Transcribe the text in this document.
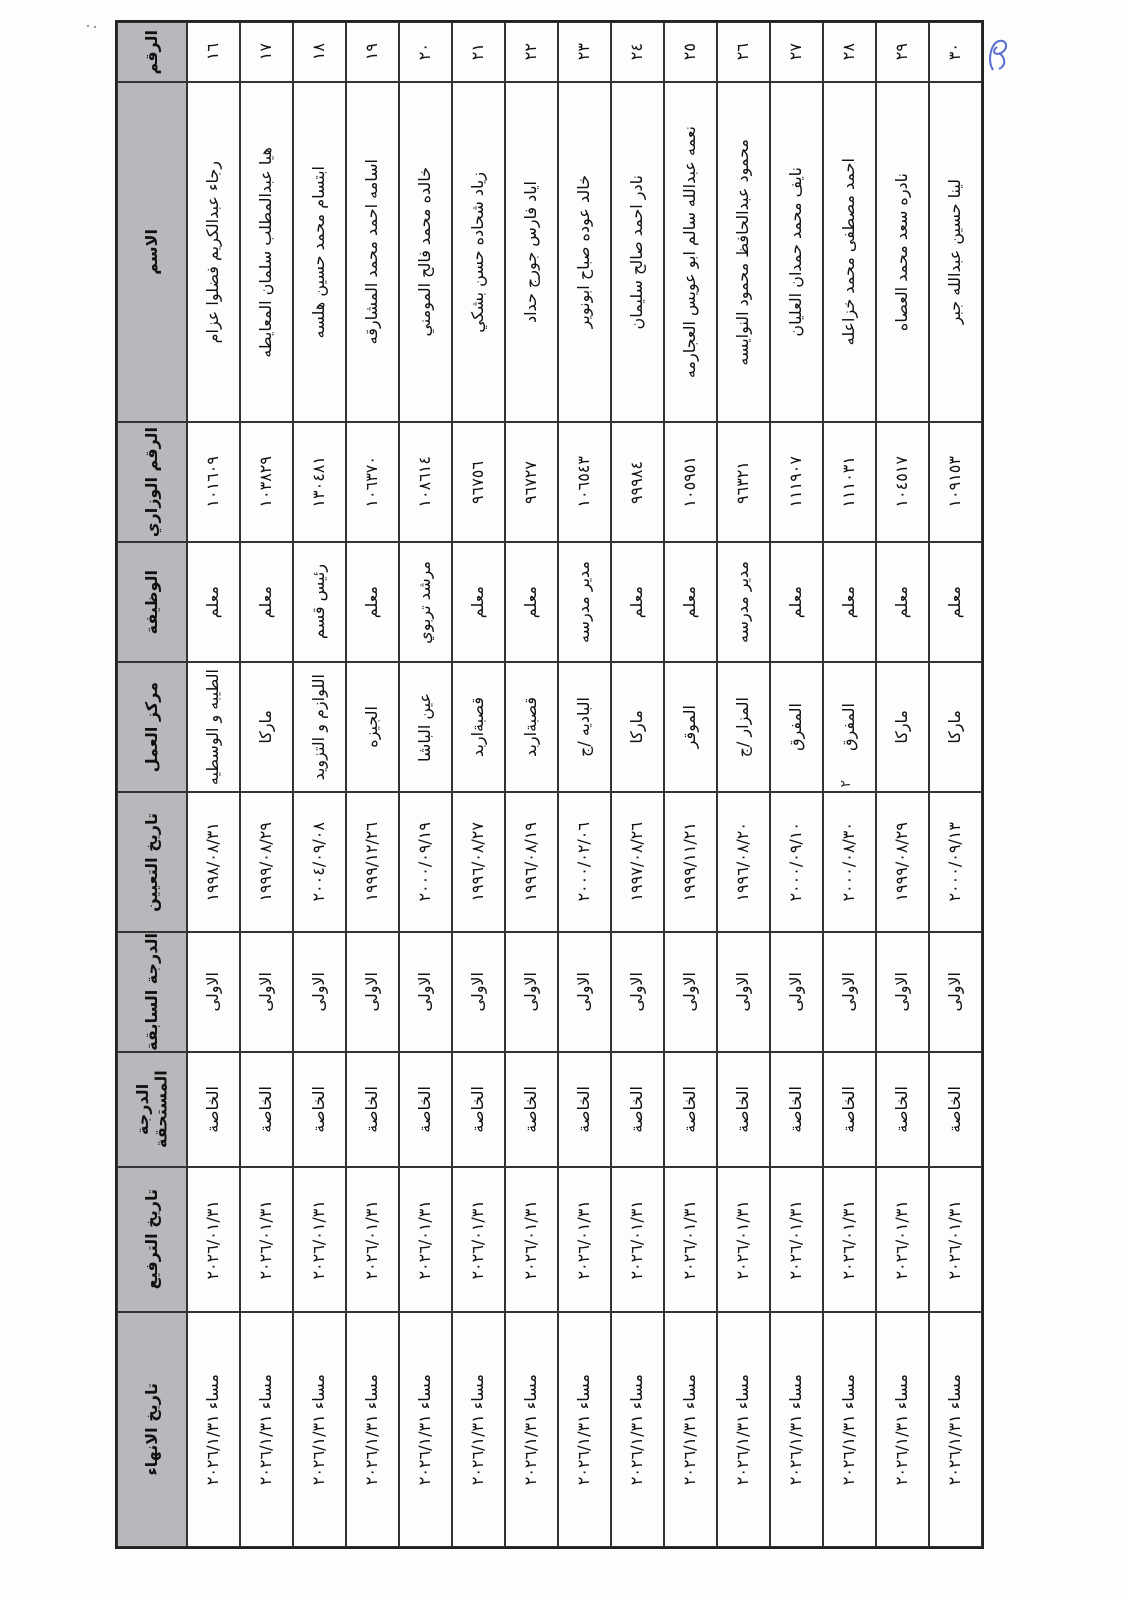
الرقم
الاسم
الرقم الوزاري
الوظيفة
مركز العمل
تاريخ التعيين
الدرجة السابقة
الدرجة المستحقة
تاريخ الترفيع
تاريخ الانهاء
١٦
رجاء عبدالكريم فضلوا عزام
١٠١٦٠٩
معلم
الطيبه و الوسطيه
١٩٩٨/٠٨/٣١
الاولى
الخاصة
٢٠٢٦/٠١/٣١
مساء ٢٠٢٦/١/٣١
١٧
هيا عبدالمطلب سلمان المعايطه
١٠٣٨٢٩
معلم
ماركا
١٩٩٩/٠٨/٢٩
الاولى
الخاصة
٢٠٢٦/٠١/٣١
مساء ٢٠٢٦/١/٣١
١٨
ابتسام محمد حسين هلسه
١٣٠٤٨١
رئيس قسم
اللوازم و التزويد
٢٠٠٤/٠٩/٠٨
الاولى
الخاصة
٢٠٢٦/٠١/٣١
مساء ٢٠٢٦/١/٣١
١٩
اسامه احمد محمد المشارقه
١٠٦٣٧٠
معلم
الجيزه
١٩٩٩/١٢/٢٦
الاولى
الخاصة
٢٠٢٦/٠١/٣١
مساء ٢٠٢٦/١/٣١
٢٠
خالده محمد فالح المومني
١٠٨٦١٤
مرشد تربوي
عين الباشا
٢٠٠٠/٠٩/١٩
الاولى
الخاصة
٢٠٢٦/٠١/٣١
مساء ٢٠٢٦/١/٣١
٢١
زياد شحاده حسن بشكي
٩٦٧٥٦
معلم
قصبةاربد
١٩٩٦/٠٨/٢٧
الاولى
الخاصة
٢٠٢٦/٠١/٣١
مساء ٢٠٢٦/١/٣١
٢٢
اياد فارس جورج حداد
٩٦٧٢٧
معلم
قصبةاربد
١٩٩٦/٠٨/١٩
الاولى
الخاصة
٢٠٢٦/٠١/٣١
مساء ٢٠٢٦/١/٣١
٢٣
خالد عوده صباح ابونوير
١٠٦٥٤٣
مدير مدرسه
الباديه /ج
٢٠٠٠/٠٢/٠٦
الاولى
الخاصة
٢٠٢٦/٠١/٣١
مساء ٢٠٢٦/١/٣١
٢٤
نادر احمد صالح سليمان
٩٩٩٨٤
معلم
ماركا
١٩٩٧/٠٨/٢٦
الاولى
الخاصة
٢٠٢٦/٠١/٣١
مساء ٢٠٢٦/١/٣١
٢٥
نعمه عبدالله سالم ابو عويس العجارمه
١٠٥٩٥١
معلم
الموقر
١٩٩٩/١١/٢١
الاولى
الخاصة
٢٠٢٦/٠١/٣١
مساء ٢٠٢٦/١/٣١
٢٦
محمود عبدالحافظ محمود النوايسه
٩٦٣٢١
مدير مدرسه
المزار /ج
١٩٩٦/٠٨/٢٠
الاولى
الخاصة
٢٠٢٦/٠١/٣١
مساء ٢٠٢٦/١/٣١
٢٧
نايف محمد حمدان العليان
١١١٩٠٧
معلم
المفرق
٢٠٠٠/٠٩/١٠
الاولى
الخاصة
٢٠٢٦/٠١/٣١
مساء ٢٠٢٦/١/٣١
٢٨
احمد مصطفى محمد خزاعله
١١١٠٣١
معلم
المفرق
٢٠٠٠/٠٨/٣٠
الاولى
الخاصة
٢٠٢٦/٠١/٣١
مساء ٢٠٢٦/١/٣١
٢٩
نادره سعد محمد العصاه
١٠٤٥١٧
معلم
ماركا
١٩٩٩/٠٨/٢٩
الاولى
الخاصة
٢٠٢٦/٠١/٣١
مساء ٢٠٢٦/١/٣١
٣٠
لينا حسين عبدالله جبر
١٠٩١٥٣
معلم
ماركا
٢٠٠٠/٠٩/١٣
الاولى
الخاصة
٢٠٢٦/٠١/٣١
مساء ٢٠٢٦/١/٣١
٢
